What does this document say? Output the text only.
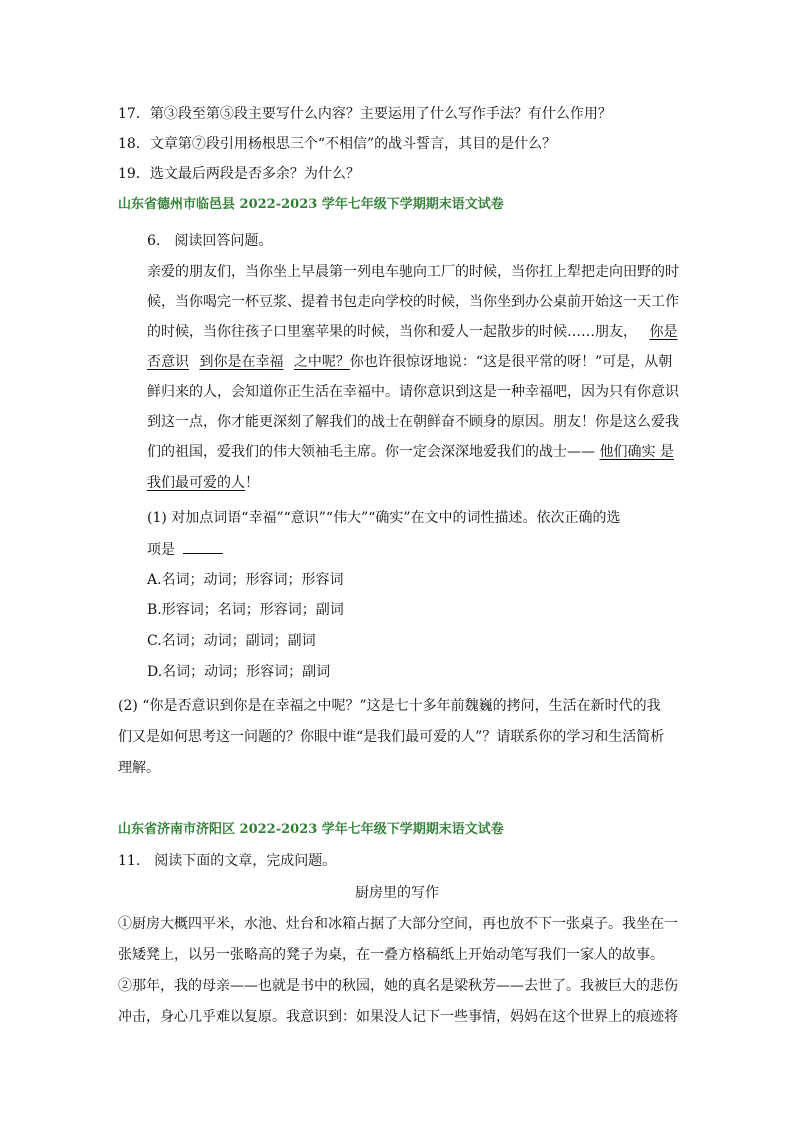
17．第③段至第⑤段主要写什么内容？主要运用了什么写作手法？有什么作用？
18．文章第⑦段引用杨根思三个“不相信”的战斗誓言，其目的是什么？
19．选文最后两段是否多余？为什么？
山东省德州市临邑县 2022-2023 学年七年级下学期期末语文试卷
6.　阅读回答问题。
亲爱的朋友们，当你坐上早晨第一列电车驰向工厂的时候，当你扛上犁把走向田野的时
候，当你喝完一杯豆浆、提着书包走向学校的时候，当你坐到办公桌前开始这一天工作
的时候，当你往孩子口里塞苹果的时候，当你和爱人一起散步的时候……朋友， 你是
否意识 到你是在幸福 之中呢？你也许很惊讶地说：“这是很平常的呀！”可是，从朝
鲜归来的人，会知道你正生活在幸福中。请你意识到这是一种幸福吧，因为只有你意识
到这一点，你才能更深刻了解我们的战士在朝鲜奋不顾身的原因。朋友！你是这么爱我
们的祖国，爱我们的伟大领袖毛主席。你一定会深深地爱我们的战士—— 他们确实 是
我们最可爱的人！
(1) 对加点词语“幸福”“意识”“伟大”“确实”在文中的词性描述。依次正确的选
项是
A.名词；动词；形容词；形容词
B.形容词；名词；形容词；副词
C.名词；动词；副词；副词
D.名词；动词；形容词；副词
(2) “你是否意识到你是在幸福之中呢？”这是七十多年前魏巍的拷问，生活在新时代的我
们又是如何思考这一问题的？你眼中谁“是我们最可爱的人”？请联系你的学习和生活简析
理解。
山东省济南市济阳区 2022-2023 学年七年级下学期期末语文试卷
11.　阅读下面的文章，完成问题。
厨房里的写作
①厨房大概四平米，水池、灶台和冰箱占据了大部分空间，再也放不下一张桌子。我坐在一
张矮凳上，以另一张略高的凳子为桌，在一叠方格稿纸上开始动笔写我们一家人的故事。
②那年，我的母亲——也就是书中的秋园，她的真名是梁秋芳——去世了。我被巨大的悲伤
冲击，身心几乎难以复原。我意识到：如果没人记下一些事情，妈妈在这个世界上的痕迹将
